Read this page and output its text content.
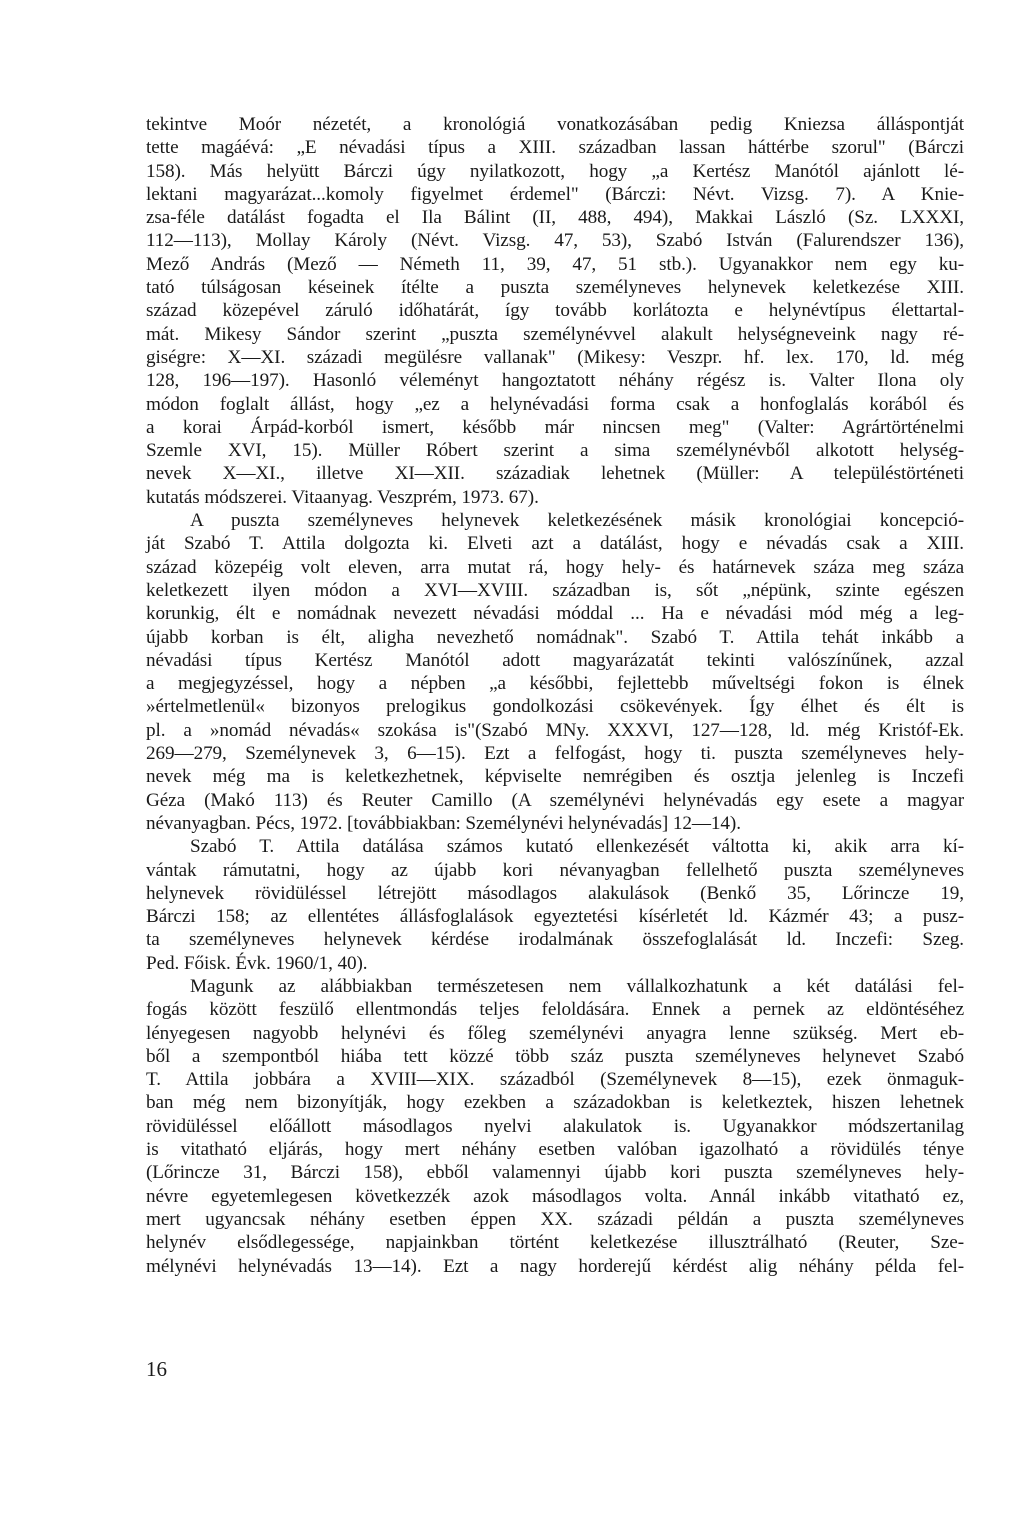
tekintve Moór nézetét, a kronológiá vonatkozásában pedig Kniezsa álláspontját
tette magáévá: „E névadási típus a XIII. században lassan háttérbe szorul" (Bárczi
158). Más helyütt Bárczi úgy nyilatkozott, hogy „a Kertész Manótól ajánlott lé-
lektani magyarázat...komoly figyelmet érdemel" (Bárczi: Névt. Vizsg. 7). A Knie-
zsa-féle datálást fogadta el Ila Bálint (II, 488, 494), Makkai László (Sz. LXXXI,
112—113), Mollay Károly (Névt. Vizsg. 47, 53), Szabó István (Falurendszer 136),
Mező András (Mező — Németh 11, 39, 47, 51 stb.). Ugyanakkor nem egy ku-
tató túlságosan késeinek ítélte a puszta személyneves helynevek keletkezése XIII.
század közepével záruló időhatárát, így tovább korlátozta e helynévtípus élettartal-
mát. Mikesy Sándor szerint „puszta személynévvel alakult helységneveink nagy ré-
giségre: X—XI. századi megülésre vallanak" (Mikesy: Veszpr. hf. lex. 170, ld. még
128, 196—197). Hasonló véleményt hangoztatott néhány régész is. Valter Ilona oly
módon foglalt állást, hogy „ez a helynévadási forma csak a honfoglalás korából és
a korai Árpád-korból ismert, később már nincsen meg" (Valter: Agrártörténelmi
Szemle XVI, 15). Müller Róbert szerint a sima személynévből alkotott helység-
nevek X—XI., illetve XI—XII. századiak lehetnek (Müller: A településtörténeti
kutatás módszerei. Vitaanyag. Veszprém, 1973. 67).
A puszta személyneves helynevek keletkezésének másik kronológiai koncepció-
ját Szabó T. Attila dolgozta ki. Elveti azt a datálást, hogy e névadás csak a XIII.
század közepéig volt eleven, arra mutat rá, hogy hely- és határnevek száza meg száza
keletkezett ilyen módon a XVI—XVIII. században is, sőt „népünk, szinte egészen
korunkig, élt e nomádnak nevezett névadási móddal ... Ha e névadási mód még a leg-
újabb korban is élt, aligha nevezhető nomádnak". Szabó T. Attila tehát inkább a
névadási típus Kertész Manótól adott magyarázatát tekinti valószínűnek, azzal
a megjegyzéssel, hogy a népben „a későbbi, fejlettebb műveltségi fokon is élnek
»értelmetlenül« bizonyos prelogikus gondolkozási csökevények. Így élhet és élt is
pl. a »nomád névadás« szokása is"(Szabó MNy. XXXVI, 127—128, ld. még Kristóf-Ek.
269—279, Személynevek 3, 6—15). Ezt a felfogást, hogy ti. puszta személyneves hely-
nevek még ma is keletkezhetnek, képviselte nemrégiben és osztja jelenleg is Inczefi
Géza (Makó 113) és Reuter Camillo (A személynévi helynévadás egy esete a magyar
névanyagban. Pécs, 1972. [továbbiakban: Személynévi helynévadás] 12—14).
Szabó T. Attila datálása számos kutató ellenkezését váltotta ki, akik arra kí-
vántak rámutatni, hogy az újabb kori névanyagban fellelhető puszta személyneves
helynevek rövidüléssel létrejött másodlagos alakulások (Benkő 35, Lőrincze 19,
Bárczi 158; az ellentétes állásfoglalások egyeztetési kísérletét ld. Kázmér 43; a pusz-
ta személyneves helynevek kérdése irodalmának összefoglalását ld. Inczefi: Szeg.
Ped. Főisk. Évk. 1960/1, 40).
Magunk az alábbiakban természetesen nem vállalkozhatunk a két datálási fel-
fogás között feszülő ellentmondás teljes feloldására. Ennek a pernek az eldöntéséhez
lényegesen nagyobb helynévi és főleg személynévi anyagra lenne szükség. Mert eb-
ből a szempontból hiába tett közzé több száz puszta személyneves helynevet Szabó
T. Attila jobbára a XVIII—XIX. századból (Személynevek 8—15), ezek önmaguk-
ban még nem bizonyítják, hogy ezekben a századokban is keletkeztek, hiszen lehetnek
rövidüléssel előállott másodlagos nyelvi alakulatok is. Ugyanakkor módszertanilag
is vitatható eljárás, hogy mert néhány esetben valóban igazolható a rövidülés ténye
(Lőrincze 31, Bárczi 158), ebből valamennyi újabb kori puszta személyneves hely-
névre egyetemlegesen következzék azok másodlagos volta. Annál inkább vitatható ez,
mert ugyancsak néhány esetben éppen XX. századi példán a puszta személyneves
helynév elsődlegessége, napjainkban történt keletkezése illusztrálható (Reuter, Sze-
mélynévi helynévadás 13—14). Ezt a nagy horderejű kérdést alig néhány példa fel-
16
